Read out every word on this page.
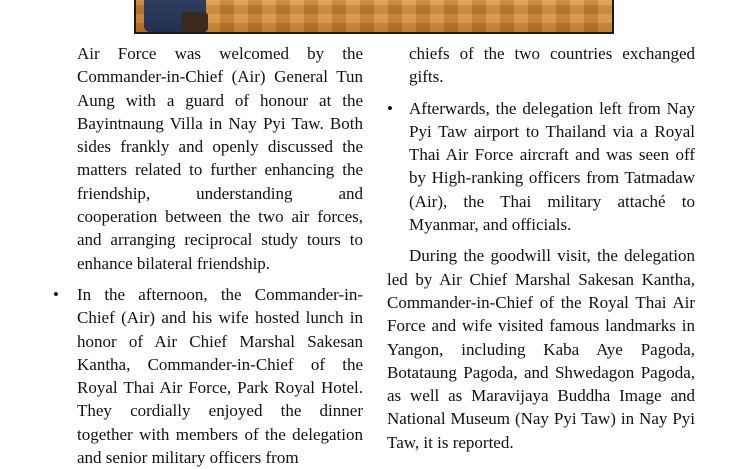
Air Force was welcomed by the Commander-in-Chief (Air) General Tun Aung with a guard of honour at the Bayintnaung Villa in Nay Pyi Taw. Both sides frankly and openly discussed the matters related to further enhancing the friendship, understanding and cooperation between the two air forces, and arranging reciprocal study tours to enhance bilateral friendship.

• In the afternoon, the Commander-in-Chief (Air) and his wife hosted lunch in honor of Air Chief Marshal Sakesan Kantha, Commander-in-Chief of the Royal Thai Air Force, Park Royal Hotel. They cordially enjoyed the dinner together with members of the delegation and senior military officers from

chiefs of the two countries exchanged gifts.

• Afterwards, the delegation left from Nay Pyi Taw airport to Thailand via a Royal Thai Air Force aircraft and was seen off by High-ranking officers from Tatmadaw (Air), the Thai military attaché to Myanmar, and officials.

During the goodwill visit, the delegation led by Air Chief Marshal Sakesan Kantha, Commander-in-Chief of the Royal Thai Air Force and wife visited famous landmarks in Yangon, including Kaba Aye Pagoda, Botataung Pagoda, and Shwedagon Pagoda, as well as Maravijaya Buddha Image and National Museum (Nay Pyi Taw) in Nay Pyi Taw, it is reported.
